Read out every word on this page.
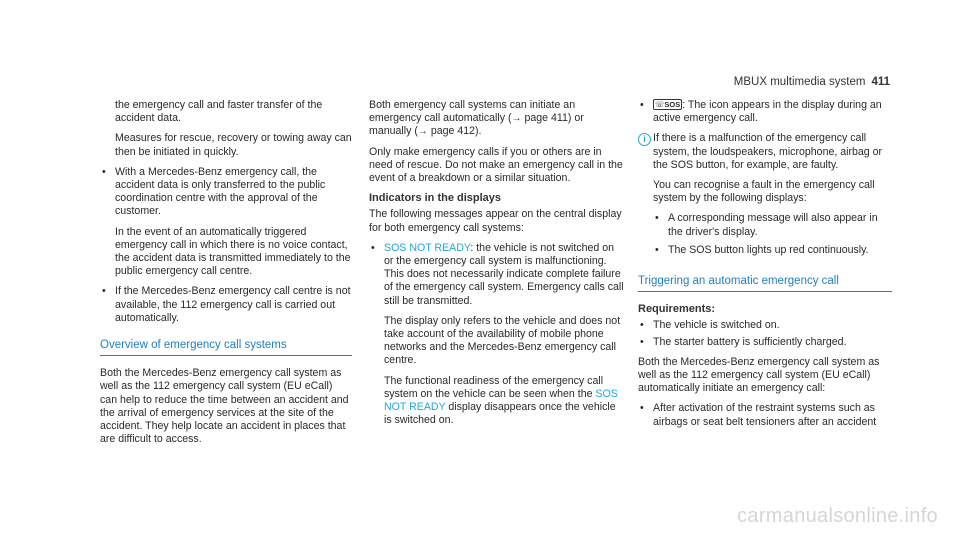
MBUX multimedia system 411

the emergency call and faster transfer of the accident data.

Measures for rescue, recovery or towing away can then be initiated in quickly.

• With a Mercedes-Benz emergency call, the accident data is only transferred to the public coordination centre with the approval of the customer.

In the event of an automatically triggered emergency call in which there is no voice contact, the accident data is transmitted immediately to the public emergency call centre.

• If the Mercedes-Benz emergency call centre is not available, the 112 emergency call is carried out automatically.
Overview of emergency call systems

Both the Mercedes-Benz emergency call system as well as the 112 emergency call system (EU eCall) can help to reduce the time between an accident and the arrival of emergency services at the site of the accident. They help locate an accident in places that are difficult to access.

Both emergency call systems can initiate an emergency call automatically (→ page 411) or manually (→ page 412).

Only make emergency calls if you or others are in need of rescue. Do not make an emergency call in the event of a breakdown or a similar situation.

Indicators in the displays

The following messages appear on the central display for both emergency call systems:

• SOS NOT READY: the vehicle is not switched on or the emergency call system is malfunctioning. This does not necessarily indicate complete failure of the emergency call system. Emergency calls call still be transmitted.

The display only refers to the vehicle and does not take account of the availability of mobile phone networks and the Mercedes-Benz emergency call centre.

The functional readiness of the emergency call system on the vehicle can be seen when the SOS NOT READY display disappears once the vehicle is switched on.

• ☏SOS : The icon appears in the display during an active emergency call.
i If there is a malfunction of the emergency call system, the loudspeakers, microphone, airbag or the SOS button, for example, are faulty.

You can recognise a fault in the emergency call system by the following displays:

• A corresponding message will also appear in the driver's display.
• The SOS button lights up red continuously.
Triggering an automatic emergency call
Requirements:
• The vehicle is switched on.
• The starter battery is sufficiently charged.

Both the Mercedes-Benz emergency call system as well as the 112 emergency call system (EU eCall) automatically initiate an emergency call:

• After activation of the restraint systems such as airbags or seat belt tensioners after an accident
carmanualsonline.info
